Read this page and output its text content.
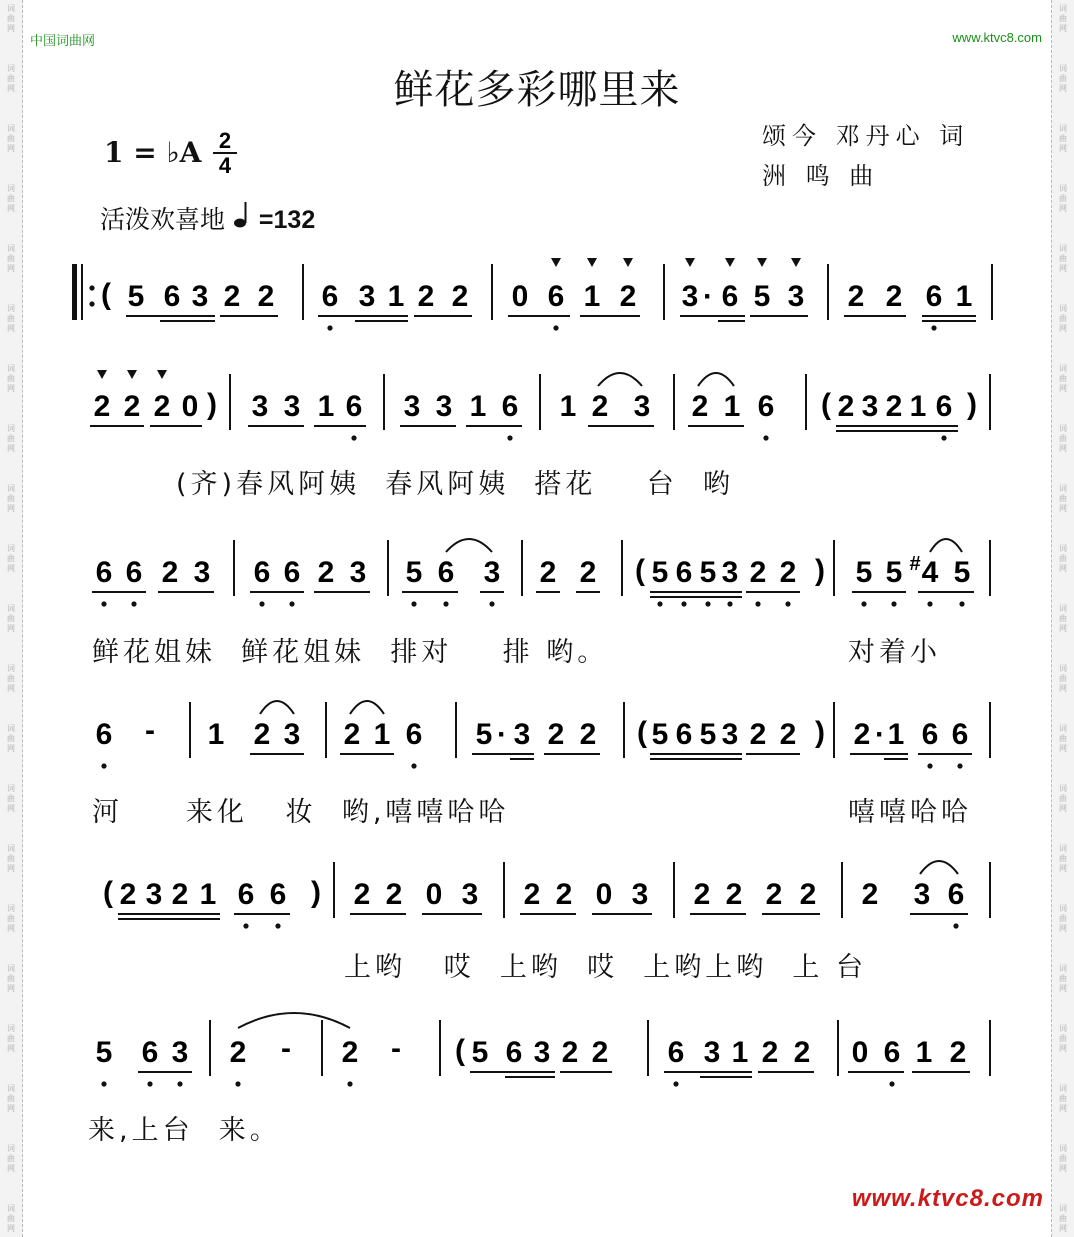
词
曲
网
词
曲
网
词
曲
网
词
曲
网
词
曲
网
词
曲
网
词
曲
网
词
曲
网
词
曲
网
词
曲
网
词
曲
网
词
曲
网
词
曲
网
词
曲
网
词
曲
网
词
曲
网
词
曲
网
词
曲
网
词
曲
网
词
曲
网
词
曲
网
词
曲
网
词
曲
网
词
曲
网
词
曲
网
词
曲
网
词
曲
网
词
曲
网
词
曲
网
词
曲
网
词
曲
网
词
曲
网
词
曲
网
词
曲
网
词
曲
网
词
曲
网
词
曲
网
词
曲
网
词
曲
网
词
曲
网
词
曲
网
词
曲
网
中国词曲网	www.ktvc8.com
鲜花多彩哪里来
颂今 邓丹心 词
洲 鸣 曲
1 = ♭A 2
4
活泼欢喜地 =132
( 5 6 3 2 2 6 3 1 2 2 0 6 1 2 3 · 6 5 3 2 2 6 1
2 2 2 0 ) 3 3 1 6 3 3 1 6 1 2 3 2 1 6 ( 2 3 2 1 6 )
6 6 2 3 6 6 2 3 5 6 3 2 2 ( 5 6 5 3 2 2 ) 5 5 4 5
#
6 - 1 2 3 2 1 6 5 · 3 2 2 ( 5 6 5 3 2 2 ) 2 · 1 6 6
( 2 3 2 1 6 6 ) 2 2 0 3 2 2 0 3 2 2 2 2 2 3 6
5 6 3 2 - 2 - ( 5 6 3 2 2 6 3 1 2 2 0 6 1 2
(齐)春风阿姨  春风阿姨  搭花    台  哟
鲜花姐妹  鲜花姐妹  排对    排 哟。	对着小
河     来化   妆  哟,嘻嘻哈哈	嘻嘻哈哈
上哟   哎  上哟  哎  上哟上哟  上 台
来,上台  来。
www.ktvc8.com
